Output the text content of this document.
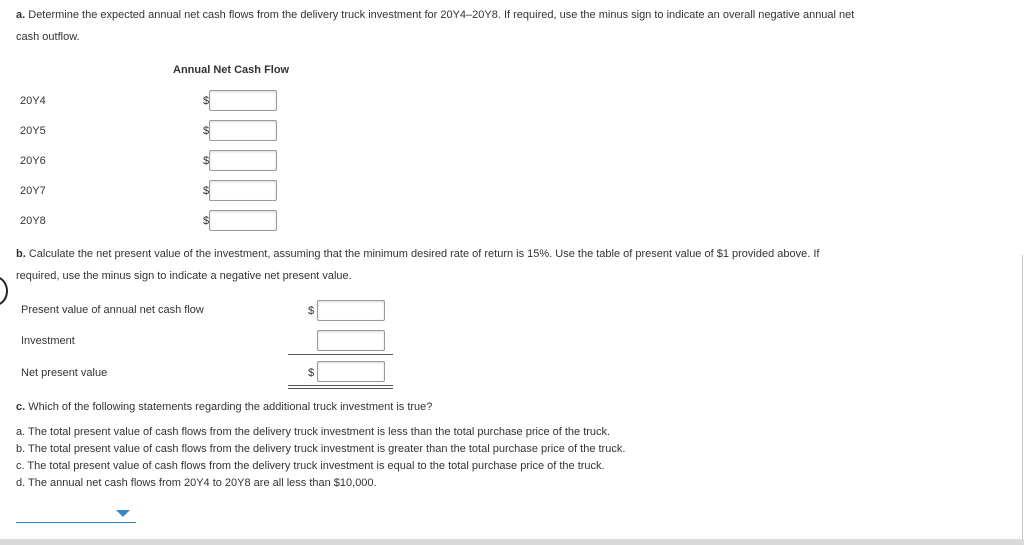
a. Determine the expected annual net cash flows from the delivery truck investment for 20Y4–20Y8. If required, use the minus sign to indicate an overall negative annual net
cash outflow.
Annual Net Cash Flow
20Y4	$
20Y5	$
20Y6	$
20Y7	$
20Y8	$
b. Calculate the net present value of the investment, assuming that the minimum desired rate of return is 15%. Use the table of present value of $1 provided above. If
required, use the minus sign to indicate a negative net present value.
Present value of annual net cash flow	$
Investment
Net present value	$
c. Which of the following statements regarding the additional truck investment is true?
a. The total present value of cash flows from the delivery truck investment is less than the total purchase price of the truck.
b. The total present value of cash flows from the delivery truck investment is greater than the total purchase price of the truck.
c. The total present value of cash flows from the delivery truck investment is equal to the total purchase price of the truck.
d. The annual net cash flows from 20Y4 to 20Y8 are all less than $10,000.
